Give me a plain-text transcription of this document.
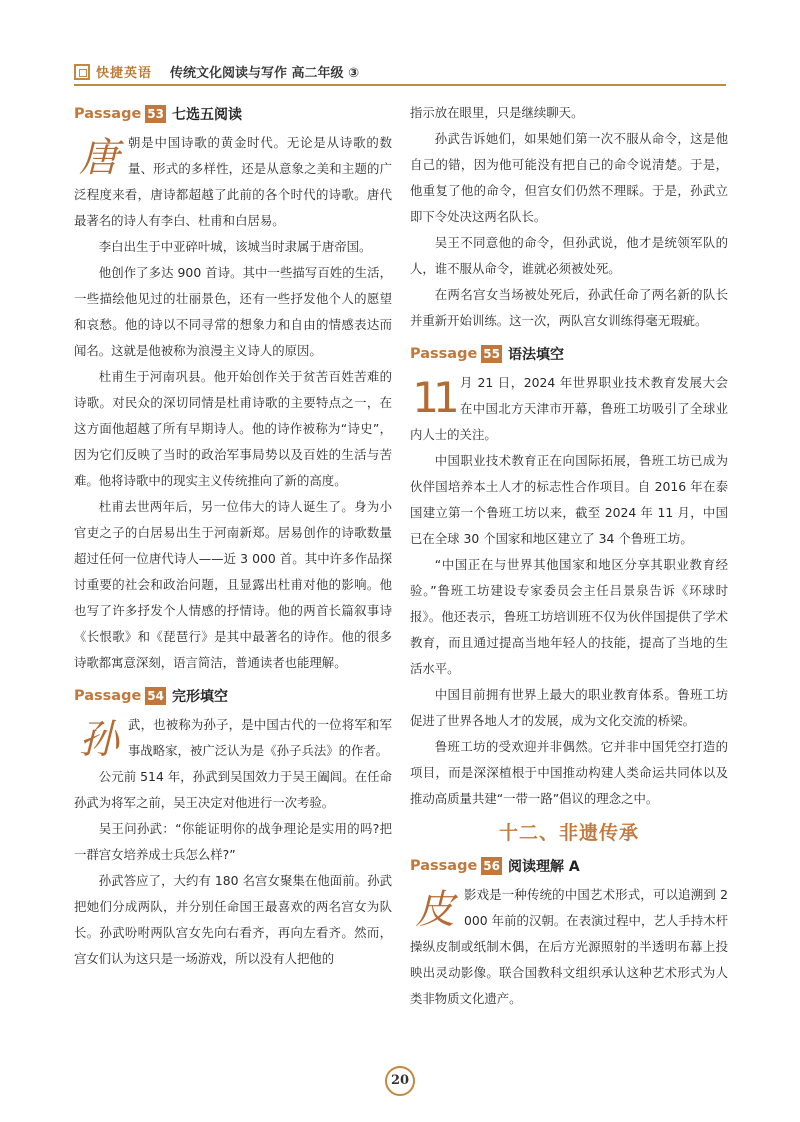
快捷英语 传统文化阅读与写作 高二年级 ③
Passage 53 七选五阅读
唐 朝是中国诗歌的黄金时代。无论是从诗歌的数量、形式的多样性，还是从意象之美和主题的广泛程度来看，唐诗都超越了此前的各个时代的诗歌。唐代最著名的诗人有李白、杜甫和白居易。

李白出生于中亚碎叶城，该城当时隶属于唐帝国。

他创作了多达 900 首诗。其中一些描写百姓的生活，一些描绘他见过的壮丽景色，还有一些抒发他个人的愿望和哀愁。他的诗以不同寻常的想象力和自由的情感表达而闻名。这就是他被称为浪漫主义诗人的原因。

杜甫生于河南巩县。他开始创作关于贫苦百姓苦难的诗歌。对民众的深切同情是杜甫诗歌的主要特点之一，在这方面他超越了所有早期诗人。他的诗作被称为“诗史”，因为它们反映了当时的政治军事局势以及百姓的生活与苦难。他将诗歌中的现实主义传统推向了新的高度。

杜甫去世两年后，另一位伟大的诗人诞生了。身为小官吏之子的白居易出生于河南新郑。居易创作的诗歌数量超过任何一位唐代诗人——近 3 000 首。其中许多作品探讨重要的社会和政治问题，且显露出杜甫对他的影响。他也写了许多抒发个人情感的抒情诗。他的两首长篇叙事诗《长恨歌》和《琵琶行》是其中最著名的诗作。他的很多诗歌都寓意深刻，语言简洁，普通读者也能理解。

Passage 54 完形填空
孙 武，也被称为孙子，是中国古代的一位将军和军事战略家，被广泛认为是《孙子兵法》的作者。

公元前 514 年，孙武到吴国效力于吴王阖闾。在任命孙武为将军之前，吴王决定对他进行一次考验。

吴王问孙武：“你能证明你的战争理论是实用的吗?把一群宫女培养成士兵怎么样?”

孙武答应了，大约有 180 名宫女聚集在他面前。孙武把她们分成两队，并分别任命国王最喜欢的两名宫女为队长。孙武吩咐两队宫女先向右看齐，再向左看齐。然而，宫女们认为这只是一场游戏，所以没有人把他的

指示放在眼里，只是继续聊天。

孙武告诉她们，如果她们第一次不服从命令，这是他自己的错，因为他可能没有把自己的命令说清楚。于是，他重复了他的命令，但宫女们仍然不理睬。于是，孙武立即下令处决这两名队长。

吴王不同意他的命令，但孙武说，他才是统领军队的人，谁不服从命令，谁就必须被处死。

在两名宫女当场被处死后，孙武任命了两名新的队长并重新开始训练。这一次，两队宫女训练得毫无瑕疵。

Passage 55 语法填空
11 月 21 日，2024 年世界职业技术教育发展大会在中国北方天津市开幕，鲁班工坊吸引了全球业内人士的关注。

中国职业技术教育正在向国际拓展，鲁班工坊已成为伙伴国培养本土人才的标志性合作项目。自 2016 年在泰国建立第一个鲁班工坊以来，截至 2024 年 11 月，中国已在全球 30 个国家和地区建立了 34 个鲁班工坊。

“中国正在与世界其他国家和地区分享其职业教育经验。”鲁班工坊建设专家委员会主任吕景泉告诉《环球时报》。他还表示，鲁班工坊培训班不仅为伙伴国提供了学术教育，而且通过提高当地年轻人的技能，提高了当地的生活水平。

中国目前拥有世界上最大的职业教育体系。鲁班工坊促进了世界各地人才的发展，成为文化交流的桥梁。

鲁班工坊的受欢迎并非偶然。它并非中国凭空打造的项目，而是深深植根于中国推动构建人类命运共同体以及推动高质量共建“一带一路”倡议的理念之中。

十二、非遗传承
Passage 56 阅读理解 A
皮 影戏是一种传统的中国艺术形式，可以追溯到 2 000 年前的汉朝。在表演过程中，艺人手持木杆操纵皮制或纸制木偶，在后方光源照射的半透明布幕上投映出灵动影像。联合国教科文组织承认这种艺术形式为人类非物质文化遗产。
20
